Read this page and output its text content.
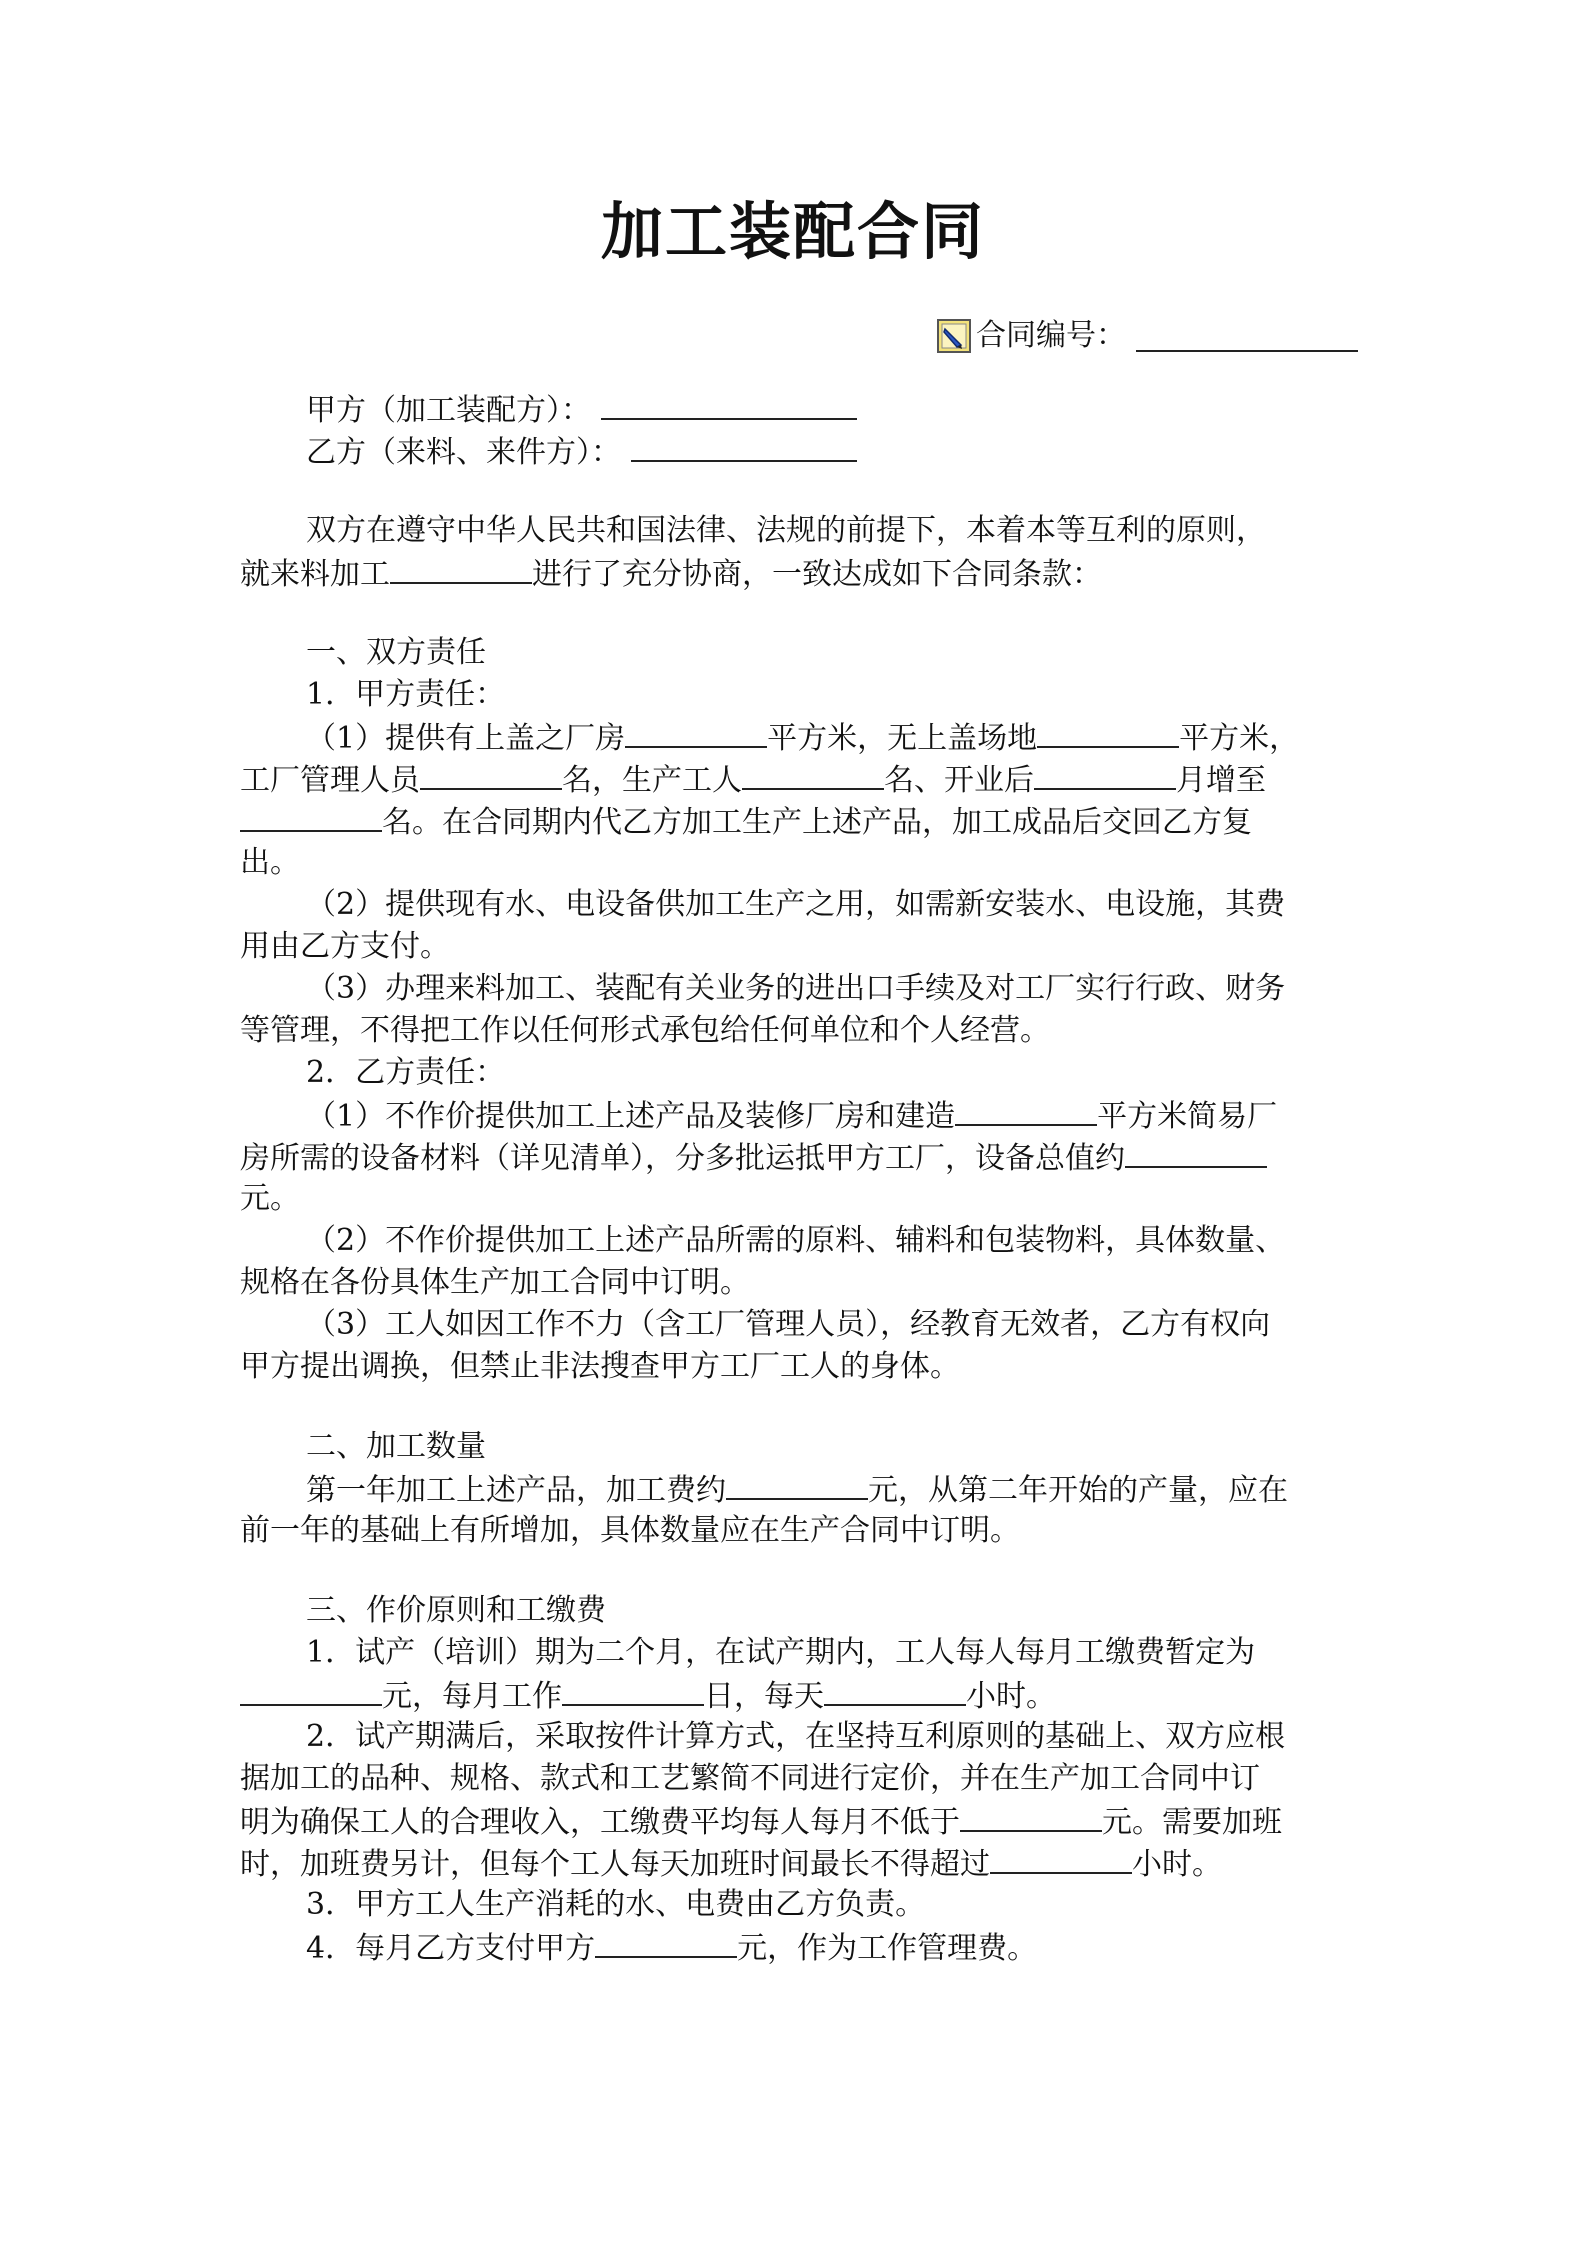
加工装配合同
合同编号：
甲方（加工装配方）：
乙方（来料、来件方）：
双方在遵守中华人民共和国法律、法规的前提下，本着本等互利的原则，
就来料加工	进行了充分协商，一致达成如下合同条款：
一、双方责任
1．甲方责任：
（1）提供有上盖之厂房	平方米，无上盖场地	平方米，
工厂管理人员	名，生产工人	名、开业后	月增至
名。在合同期内代乙方加工生产上述产品，加工成品后交回乙方复
出。
（2）提供现有水、电设备供加工生产之用，如需新安装水、电设施，其费
用由乙方支付。
（3）办理来料加工、装配有关业务的进出口手续及对工厂实行行政、财务
等管理，不得把工作以任何形式承包给任何单位和个人经营。
2．乙方责任：
（1）不作价提供加工上述产品及装修厂房和建造	平方米简易厂
房所需的设备材料（详见清单），分多批运抵甲方工厂，设备总值约
元。
（2）不作价提供加工上述产品所需的原料、辅料和包装物料，具体数量、
规格在各份具体生产加工合同中订明。
（3）工人如因工作不力（含工厂管理人员），经教育无效者，乙方有权向
甲方提出调换，但禁止非法搜查甲方工厂工人的身体。
二、加工数量
第一年加工上述产品，加工费约	元，从第二年开始的产量，应在
前一年的基础上有所增加，具体数量应在生产合同中订明。
三、作价原则和工缴费
1．试产（培训）期为二个月，在试产期内，工人每人每月工缴费暂定为
元，每月工作	日，每天	小时。
2．试产期满后，采取按件计算方式，在坚持互利原则的基础上、双方应根
据加工的品种、规格、款式和工艺繁简不同进行定价，并在生产加工合同中订
明为确保工人的合理收入，工缴费平均每人每月不低于	元。需要加班
时，加班费另计，但每个工人每天加班时间最长不得超过	小时。
3．甲方工人生产消耗的水、电费由乙方负责。
4．每月乙方支付甲方	元，作为工作管理费。
